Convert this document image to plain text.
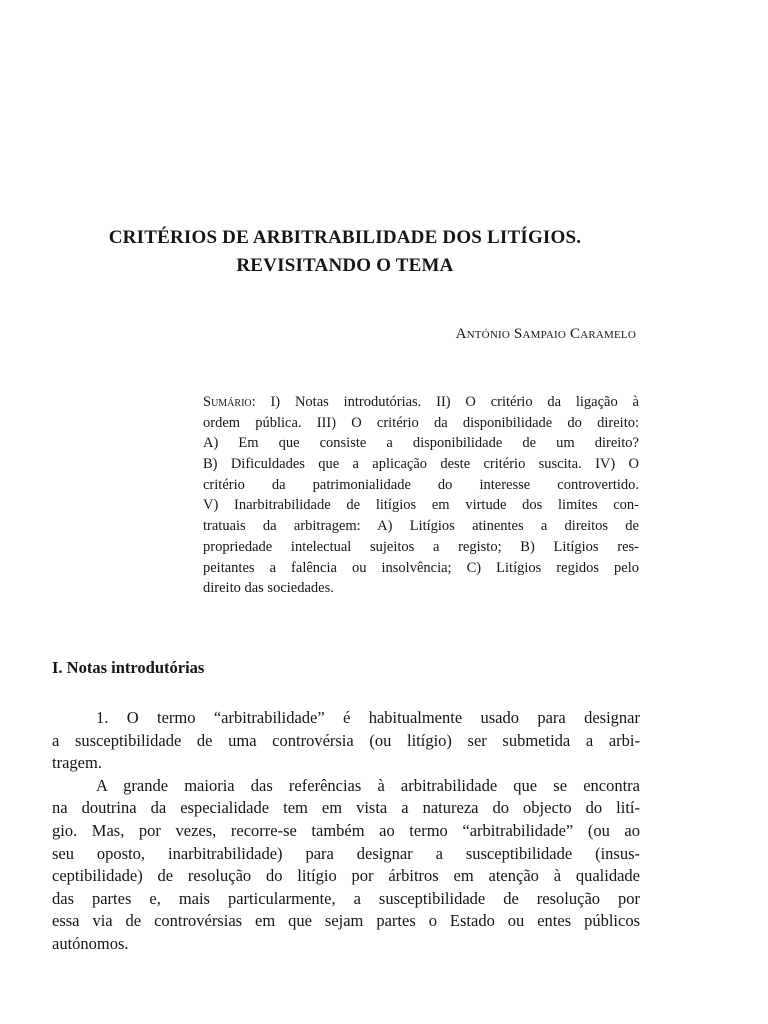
CRITÉRIOS DE ARBITRABILIDADE DOS LITÍGIOS.
REVISITANDO O TEMA
António Sampaio Caramelo
Sumário: I) Notas introdutórias. II) O critério da ligação à
ordem pública. III) O critério da disponibilidade do direito:
A) Em que consiste a disponibilidade de um direito?
B) Dificuldades que a aplicação deste critério suscita. IV) O
critério da patrimonialidade do interesse controvertido.
V) Inarbitrabilidade de litígios em virtude dos limites con-
tratuais da arbitragem: A) Litígios atinentes a direitos de
propriedade intelectual sujeitos a registo; B) Litígios res-
peitantes a falência ou insolvência; C) Litígios regidos pelo
direito das sociedades.
I. Notas introdutórias
1. O termo “arbitrabilidade” é habitualmente usado para designar
a susceptibilidade de uma controvérsia (ou litígio) ser submetida a arbi-
tragem.
A grande maioria das referências à arbitrabilidade que se encontra
na doutrina da especialidade tem em vista a natureza do objecto do lití-
gio. Mas, por vezes, recorre-se também ao termo “arbitrabilidade” (ou ao
seu oposto, inarbitrabilidade) para designar a susceptibilidade (insus-
ceptibilidade) de resolução do litígio por árbitros em atenção à qualidade
das partes e, mais particularmente, a susceptibilidade de resolução por
essa via de controvérsias em que sejam partes o Estado ou entes públicos
autónomos.
